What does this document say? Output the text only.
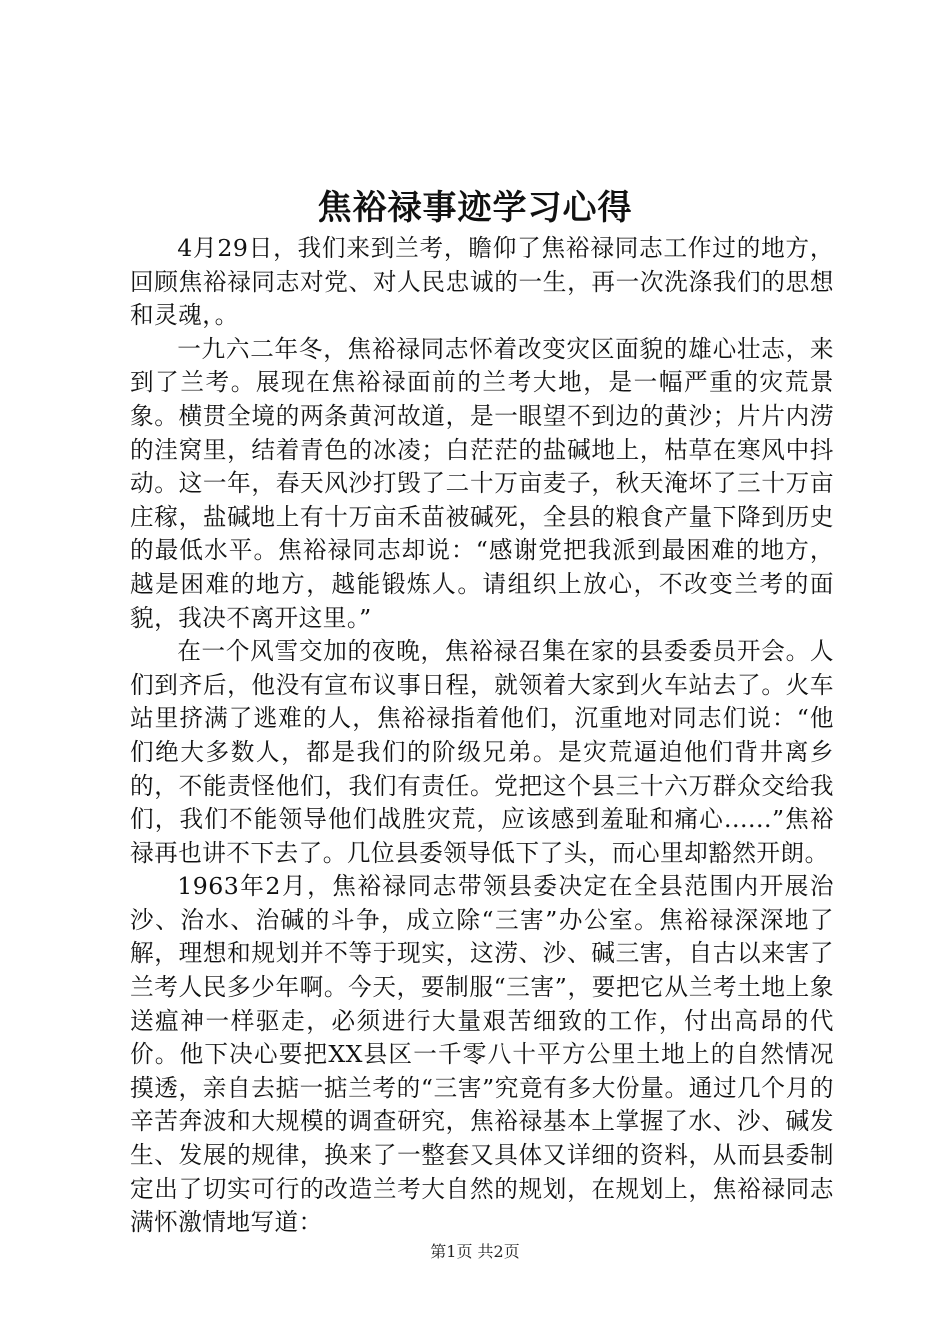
焦裕禄事迹学习心得

4月29日，我们来到兰考，瞻仰了焦裕禄同志工作过的地方，回顾焦裕禄同志对党、对人民忠诚的一生，再一次洗涤我们的思想和灵魂，。

一九六二年冬，焦裕禄同志怀着改变灾区面貌的雄心壮志，来到了兰考。展现在焦裕禄面前的兰考大地，是一幅严重的灾荒景象。横贯全境的两条黄河故道，是一眼望不到边的黄沙；片片内涝的洼窝里，结着青色的冰凌；白茫茫的盐碱地上，枯草在寒风中抖动。这一年，春天风沙打毁了二十万亩麦子，秋天淹坏了三十万亩庄稼，盐碱地上有十万亩禾苗被碱死，全县的粮食产量下降到历史的最低水平。焦裕禄同志却说：“感谢党把我派到最困难的地方，越是困难的地方，越能锻炼人。请组织上放心，不改变兰考的面貌，我决不离开这里。”

在一个风雪交加的夜晚，焦裕禄召集在家的县委委员开会。人们到齐后，他没有宣布议事日程，就领着大家到火车站去了。火车站里挤满了逃难的人，焦裕禄指着他们，沉重地对同志们说：“他们绝大多数人，都是我们的阶级兄弟。是灾荒逼迫他们背井离乡的，不能责怪他们，我们有责任。党把这个县三十六万群众交给我们，我们不能领导他们战胜灾荒，应该感到羞耻和痛心......”焦裕禄再也讲不下去了。几位县委领导低下了头，而心里却豁然开朗。

1963年2月，焦裕禄同志带领县委决定在全县范围内开展治沙、治水、治碱的斗争，成立除“三害”办公室。焦裕禄深深地了解，理想和规划并不等于现实，这涝、沙、碱三害，自古以来害了兰考人民多少年啊。今天，要制服“三害”，要把它从兰考土地上象送瘟神一样驱走，必须进行大量艰苦细致的工作，付出高昂的代价。他下决心要把XX县区一千零八十平方公里土地上的自然情况摸透，亲自去掂一掂兰考的“三害”究竟有多大份量。通过几个月的辛苦奔波和大规模的调查研究，焦裕禄基本上掌握了水、沙、碱发生、发展的规律，换来了一整套又具体又详细的资料，从而县委制定出了切实可行的改造兰考大自然的规划，在规划上，焦裕禄同志满怀激情地写道：

第1页 共2页
